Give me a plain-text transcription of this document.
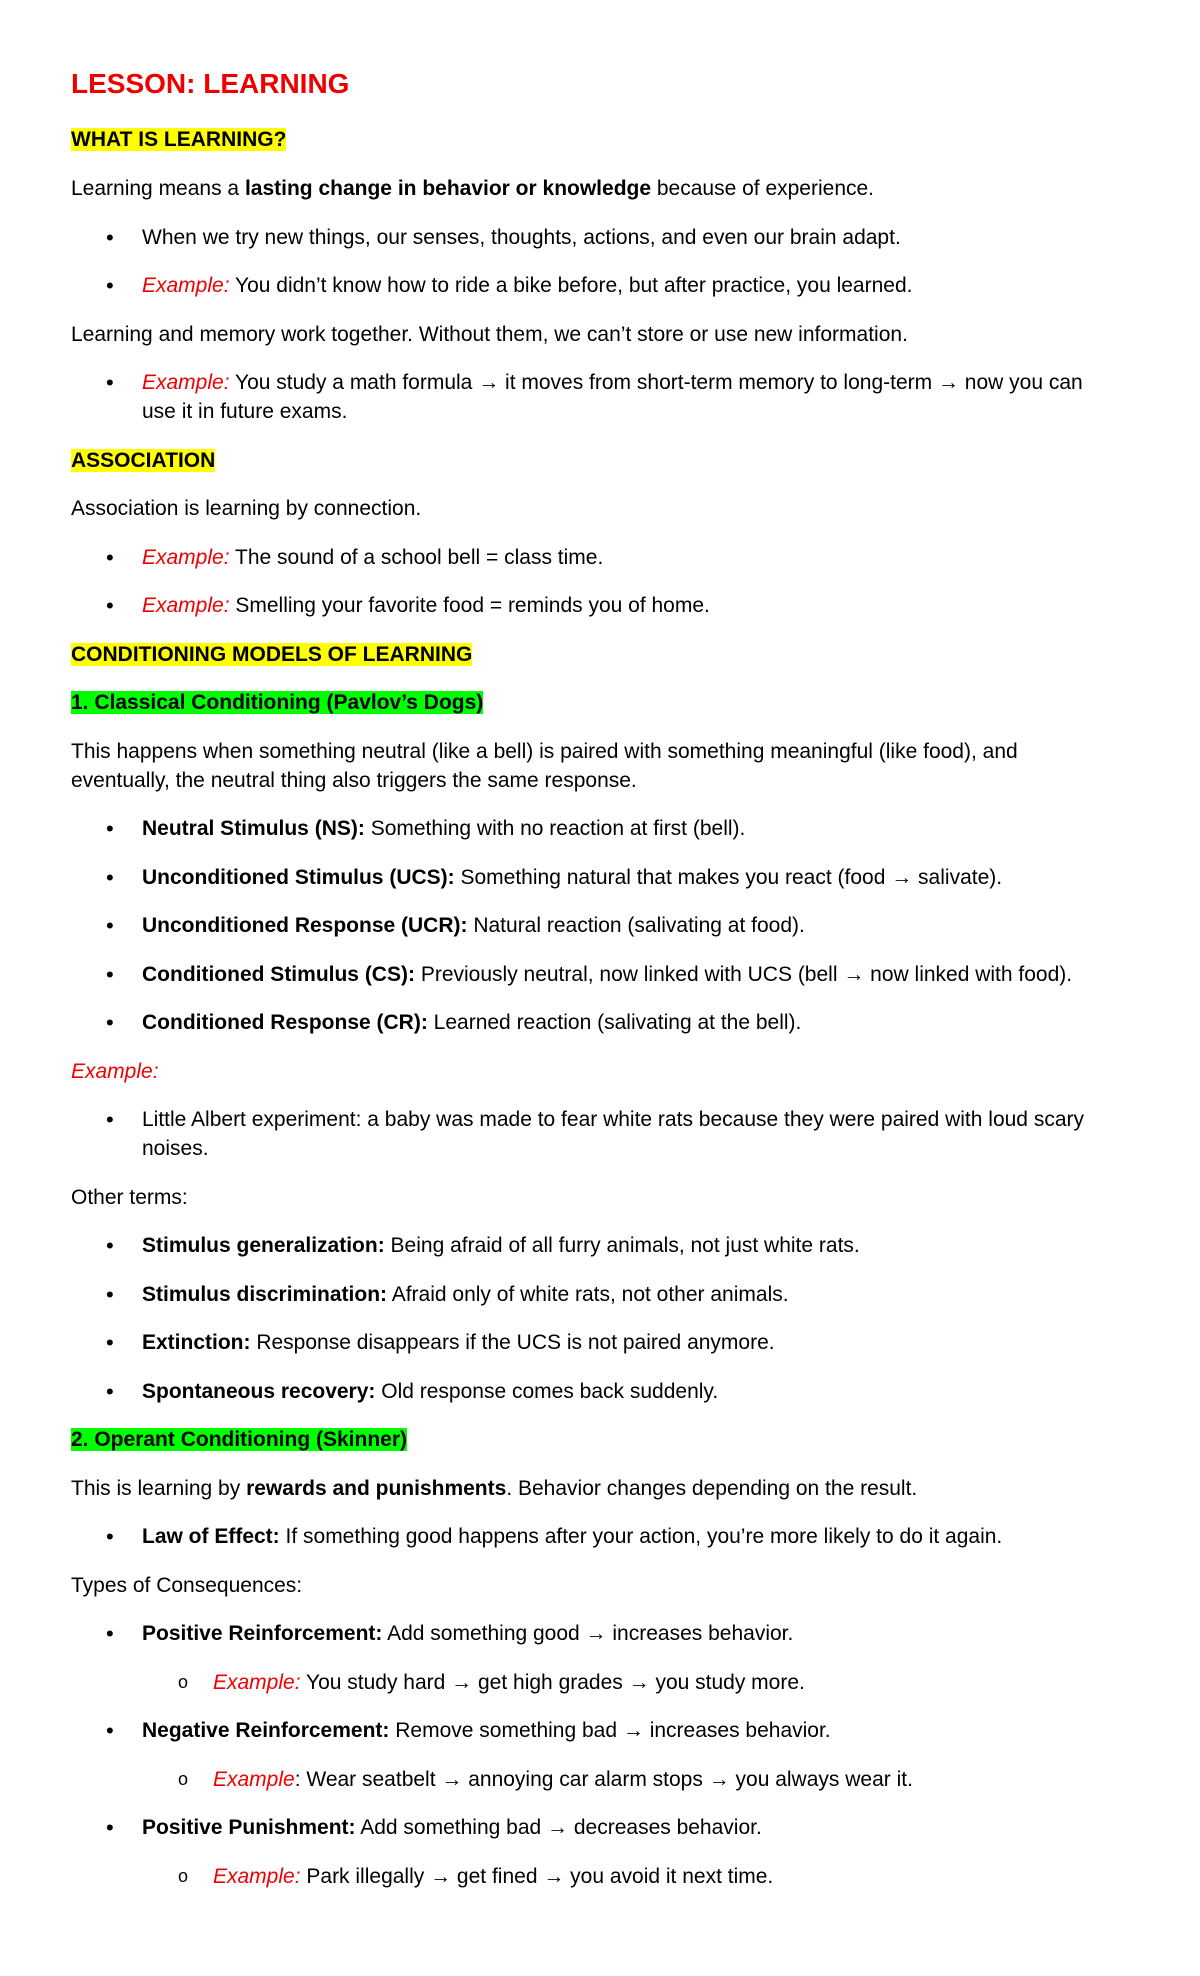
LESSON: LEARNING
WHAT IS LEARNING?
Learning means a lasting change in behavior or knowledge because of experience.
• When we try new things, our senses, thoughts, actions, and even our brain adapt.
• Example: You didn’t know how to ride a bike before, but after practice, you learned.
Learning and memory work together. Without them, we can’t store or use new information.
• Example: You study a math formula → it moves from short-term memory to long-term → now you can
use it in future exams.
ASSOCIATION
Association is learning by connection.
• Example: The sound of a school bell = class time.
• Example: Smelling your favorite food = reminds you of home.
CONDITIONING MODELS OF LEARNING
1. Classical Conditioning (Pavlov’s Dogs)
This happens when something neutral (like a bell) is paired with something meaningful (like food), and
eventually, the neutral thing also triggers the same response.
• Neutral Stimulus (NS): Something with no reaction at first (bell).
• Unconditioned Stimulus (UCS): Something natural that makes you react (food → salivate).
• Unconditioned Response (UCR): Natural reaction (salivating at food).
• Conditioned Stimulus (CS): Previously neutral, now linked with UCS (bell → now linked with food).
• Conditioned Response (CR): Learned reaction (salivating at the bell).
Example:
• Little Albert experiment: a baby was made to fear white rats because they were paired with loud scary
noises.
Other terms:
• Stimulus generalization: Being afraid of all furry animals, not just white rats.
• Stimulus discrimination: Afraid only of white rats, not other animals.
• Extinction: Response disappears if the UCS is not paired anymore.
• Spontaneous recovery: Old response comes back suddenly.
2. Operant Conditioning (Skinner)
This is learning by rewards and punishments. Behavior changes depending on the result.
• Law of Effect: If something good happens after your action, you’re more likely to do it again.
Types of Consequences:
• Positive Reinforcement: Add something good → increases behavior.
o Example: You study hard → get high grades → you study more.
• Negative Reinforcement: Remove something bad → increases behavior.
o Example: Wear seatbelt → annoying car alarm stops → you always wear it.
• Positive Punishment: Add something bad → decreases behavior.
o Example: Park illegally → get fined → you avoid it next time.
